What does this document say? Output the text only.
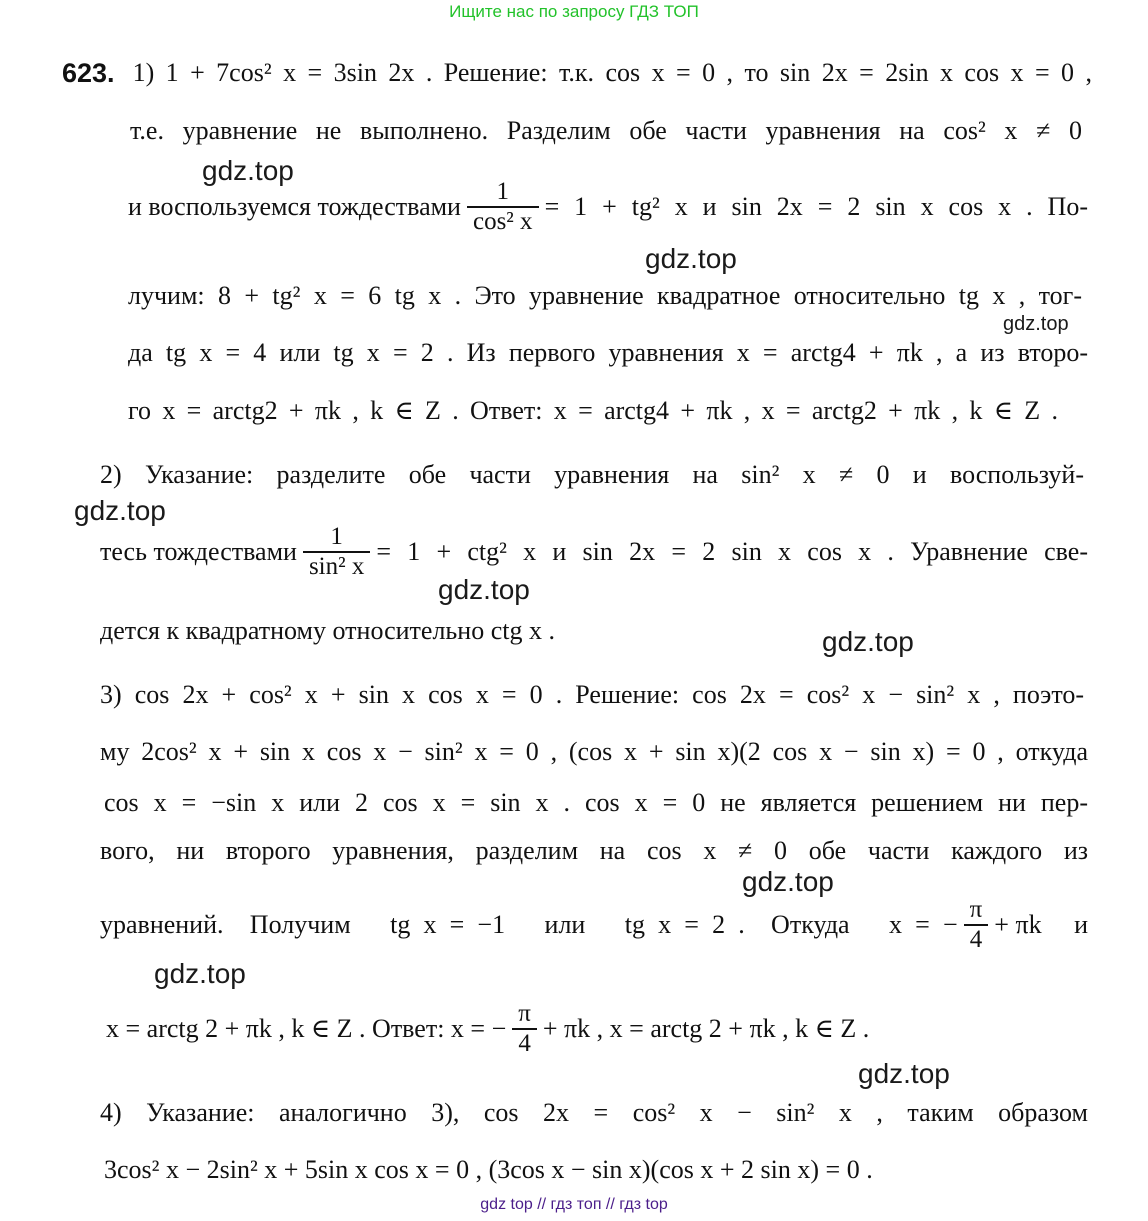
Ищите нас по запросу ГДЗ ТОП
623. 1) 1 + 7cos² x = 3sin 2x . Решение: т.к. cos x = 0 , то sin 2x = 2sin x cos x = 0 ,
т.е. уравнение не выполнено. Разделим обе части уравнения на cos² x ≠ 0
и воспользуемся тождествами $\frac{1}{\text{cos² x}} = 1 + tg^2$ x и sin 2x = 2 sin x cos x . По-
лучим: 8 + tg² x = 6 tg x . Это уравнение квадратное относительно tg x , тог-
да tg x = 4 или tg x = 2 . Из первого уравнения x = arctg4 + πk , а из второ-
го x = arctg2 + πk , k ∈ Z . Ответ: x = arctg4 + πk , x = arctg2 + πk , k ∈ Z .
2) Указание: разделите обе части уравнения на sin² x ≠ 0 и воспользуй-
тесь тождествами $\frac{1}{\text{sin² x}} = 1 + ctg^2$ x и sin 2x = 2 sin x cos x . Уравнение све-
дется к квадратному относительно ctg x .
3) cos 2x + cos² x + sin x cos x = 0 . Решение: cos 2x = cos² x − sin² x , поэто-
му 2cos² x + sin x cos x − sin² x = 0 , (cos x + sin x)(2 cos x − sin x) = 0 , откуда
cos x = −sin x или 2 cos x = sin x . cos x = 0 не является решением ни пер-
вого, ни второго уравнения, разделим на cos x ≠ 0 обе части каждого из
уравнений.  Получим   tg x = −1   или   tg x = 2 .  Откуда   x = − $\frac{\pi}{4} + \pi k$     и
x = arctg 2 + πk , k ∈ Z . Ответ: x = − $\frac{\pi}{4} + \pi k$ , x = arctg 2 + πk , k ∈ Z .
4) Указание: аналогично 3), cos 2x = cos² x − sin² x , таким образом
3cos² x − 2sin² x + 5sin x cos x = 0 , (3cos x − sin x)(cos x + 2 sin x) = 0 .
gdz.top
gdz.top
gdz.top
gdz.top
gdz.top
gdz.top
gdz.top
gdz.top
gdz.top
gdz top // гдз топ // гдз top
